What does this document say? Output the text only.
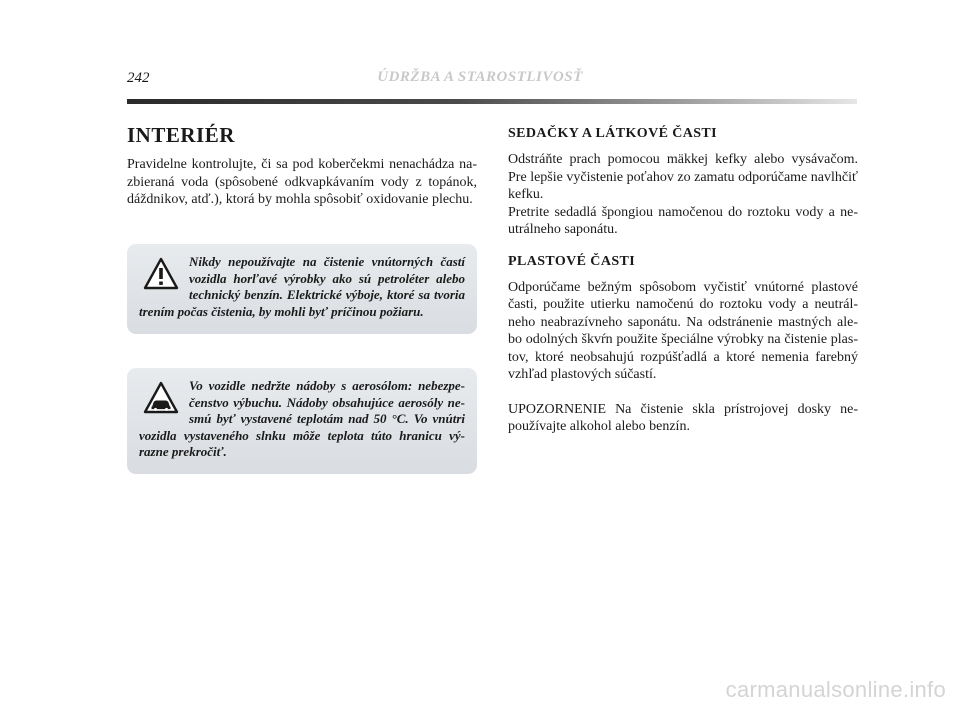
242	ÚDRŽBA A STAROSTLIVOSŤ
INTERIÉR

Pravidelne kontrolujte, či sa pod koberčekmi nenachádza na-zbieraná voda (spôsobené odkvapkávaním vody z topánok, dáždnikov, atď.), ktorá by mohla spôsobiť oxidovanie plechu.

Nikdy nepoužívajte na čistenie vnútorných častí vozidla horľavé výrobky ako sú petroléter alebo technický benzín. Elektrické výboje, ktoré sa tvoria trením počas čistenia, by mohli byť príčinou požiaru.

Vo vozidle nedržte nádoby s aerosólom: nebezpe-čenstvo výbuchu. Nádoby obsahujúce aerosóly ne-smú byť vystavené teplotám nad 50 °C. Vo vnútri vozidla vystaveného slnku môže teplota túto hranicu vý-razne prekročiť.

SEDAČKY A LÁTKOVÉ ČASTI

Odstráňte prach pomocou mäkkej kefky alebo vysávačom. Pre lepšie vyčistenie poťahov zo zamatu odporúčame navlhčiť kefku.

Pretrite sedadlá špongiou namočenou do roztoku vody a ne-utrálneho saponátu.

PLASTOVÉ ČASTI

Odporúčame bežným spôsobom vyčistiť vnútorné plastové časti, použite utierku namočenú do roztoku vody a neutrál-neho neabrazívneho saponátu. Na odstránenie mastných ale-bo odolných škvŕn použite špeciálne výrobky na čistenie plas-tov, ktoré neobsahujú rozpúšťadlá a ktoré nemenia farebný vzhľad plastových súčastí.

UPOZORNENIE Na čistenie skla prístrojovej dosky ne-používajte alkohol alebo benzín.

carmanualsonline.info
